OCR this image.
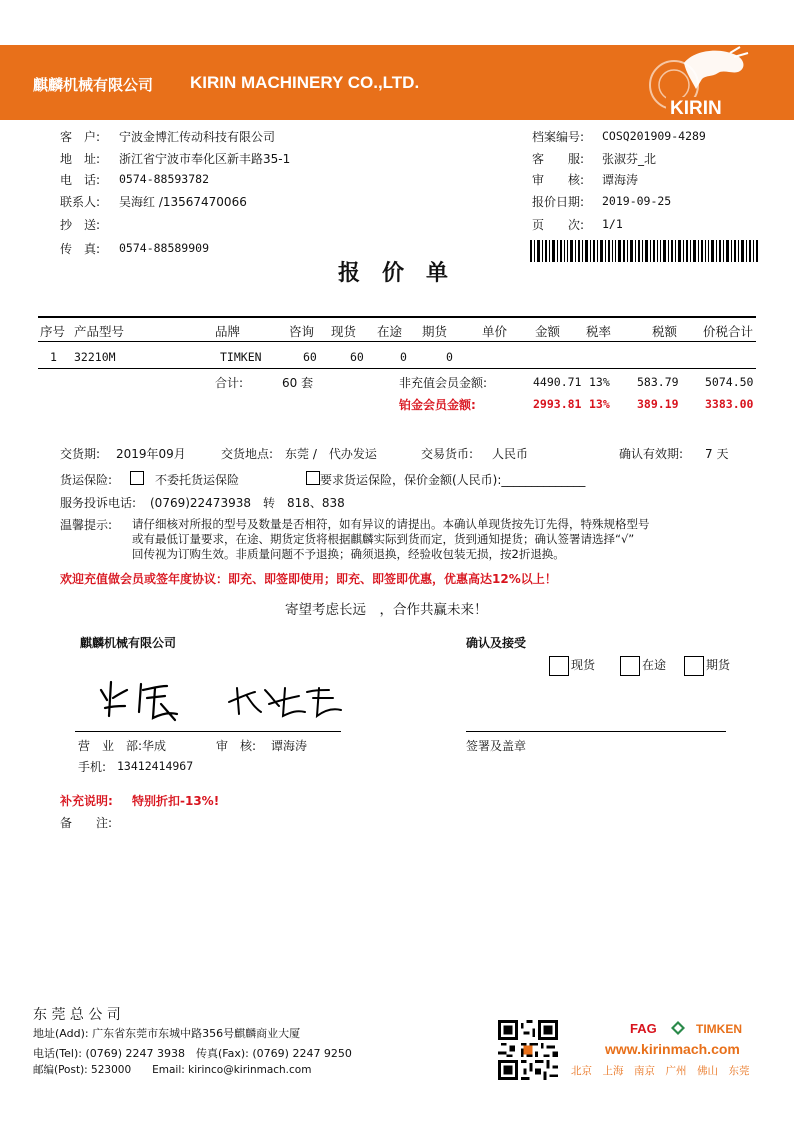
麒麟机械有限公司 KIRIN MACHINERY CO.,LTD.
KIRIN
客　户: 宁波金博汇传动科技有限公司
地　址: 浙江省宁波市奉化区新丰路35-1
电　话: 0574-88593782
联系人: 吴海红 /13567470066
抄　送:
传　真: 0574-88589909
档案编号: COSQ201909-4289
客　　服: 张淑芬_北
审　　核: 谭海涛
报价日期: 2019-09-25
页　　次: 1/1
报　价　单
序号 产品型号	品牌	咨询 现货 在途 期货	单价 金额 税率	税额 价税合计
1 32210M	TIMKEN	60	60	0	0
合计:	60 套	非充值会员金额:	4490.71 13% 583.79 5074.50
铂金会员金额:	2993.81 13% 389.19 3383.00
交货期: 2019年09月	交货地点: 东莞 /　代办发运	交易货币: 人民币	确认有效期: 7 天
货运保险:	不委托货运保险	要求货运保险，保价金额(人民币):______________
服务投诉电话: (0769)22473938　转　818、838
温馨提示: 请仔细核对所报的型号及数量是否相符，如有异议的请提出。本确认单现货按先订先得，特殊规格型号
或有最低订量要求，在途、期货定货将根据麒麟实际到货而定，货到通知提货；确认签署请选择“√”
回传视为订购生效。非质量问题不予退换；确须退换，经验收包装无损，按2折退换。
欢迎充值做会员或签年度协议：即充、即签即使用；即充、即签即优惠，优惠高达12%以上！
寄望考虑长远　，合作共赢未来！
麒麟机械有限公司	确认及接受
现货	在途	期货
营　业　部: 华成	审　核: 谭海涛	签署及盖章
手机: 13412414967
补充说明: 特别折扣-13%!
备　　注:
东 莞 总 公 司
地址(Add): 广东省东莞市东城中路356号麒麟商业大厦
电话(Tel): (0769) 2247 3938　传真(Fax): (0769) 2247 9250
邮编(Post): 523000　　Email: kirinco@kirinmach.com
FAG	TIMKEN
www.kirinmach.com
北京　上海　南京　广州　佛山　东莞
